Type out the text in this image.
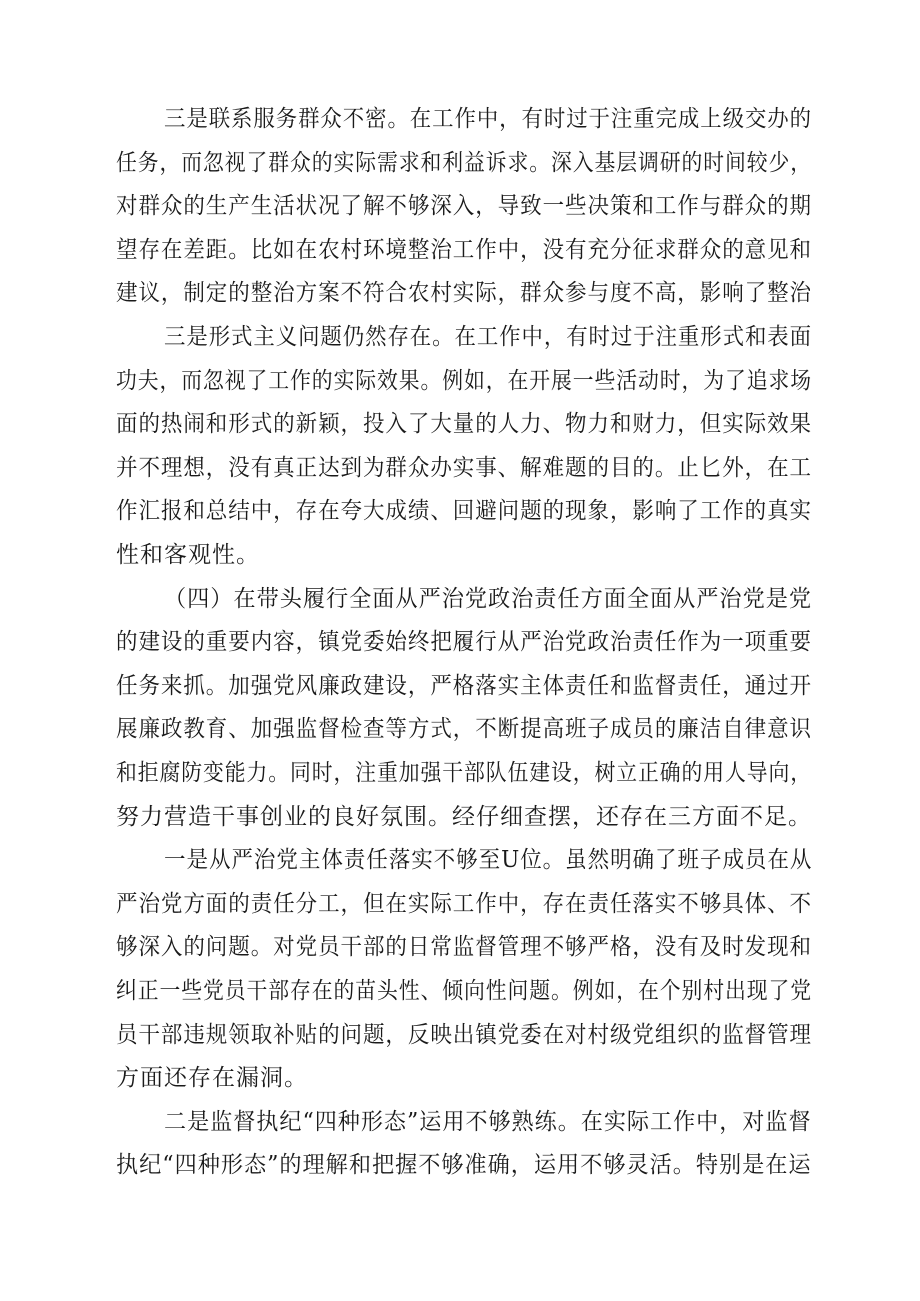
三是联系服务群众不密。在工作中，有时过于注重完成上级交办的
任务，而忽视了群众的实际需求和利益诉求。深入基层调研的时间较少，
对群众的生产生活状况了解不够深入，导致一些决策和工作与群众的期
望存在差距。比如在农村环境整治工作中，没有充分征求群众的意见和
建议，制定的整治方案不符合农村实际，群众参与度不高，影响了整治
三是形式主义问题仍然存在。在工作中，有时过于注重形式和表面
功夫，而忽视了工作的实际效果。例如，在开展一些活动时，为了追求场
面的热闹和形式的新颖，投入了大量的人力、物力和财力，但实际效果
并不理想，没有真正达到为群众办实事、解难题的目的。止匕外，在工
作汇报和总结中，存在夸大成绩、回避问题的现象，影响了工作的真实
性和客观性。
（四）在带头履行全面从严治党政治责任方面全面从严治党是党
的建设的重要内容，镇党委始终把履行从严治党政治责任作为一项重要
任务来抓。加强党风廉政建设，严格落实主体责任和监督责任，通过开
展廉政教育、加强监督检查等方式，不断提高班子成员的廉洁自律意识
和拒腐防变能力。同时，注重加强干部队伍建设，树立正确的用人导向，
努力营造干事创业的良好氛围。经仔细查摆，还存在三方面不足。
一是从严治党主体责任落实不够至U位。虽然明确了班子成员在从
严治党方面的责任分工，但在实际工作中，存在责任落实不够具体、不
够深入的问题。对党员干部的日常监督管理不够严格，没有及时发现和
纠正一些党员干部存在的苗头性、倾向性问题。例如，在个别村出现了党
员干部违规领取补贴的问题，反映出镇党委在对村级党组织的监督管理
方面还存在漏洞。
二是监督执纪“四种形态”运用不够熟练。在实际工作中，对监督
执纪“四种形态”的理解和把握不够准确，运用不够灵活。特别是在运
